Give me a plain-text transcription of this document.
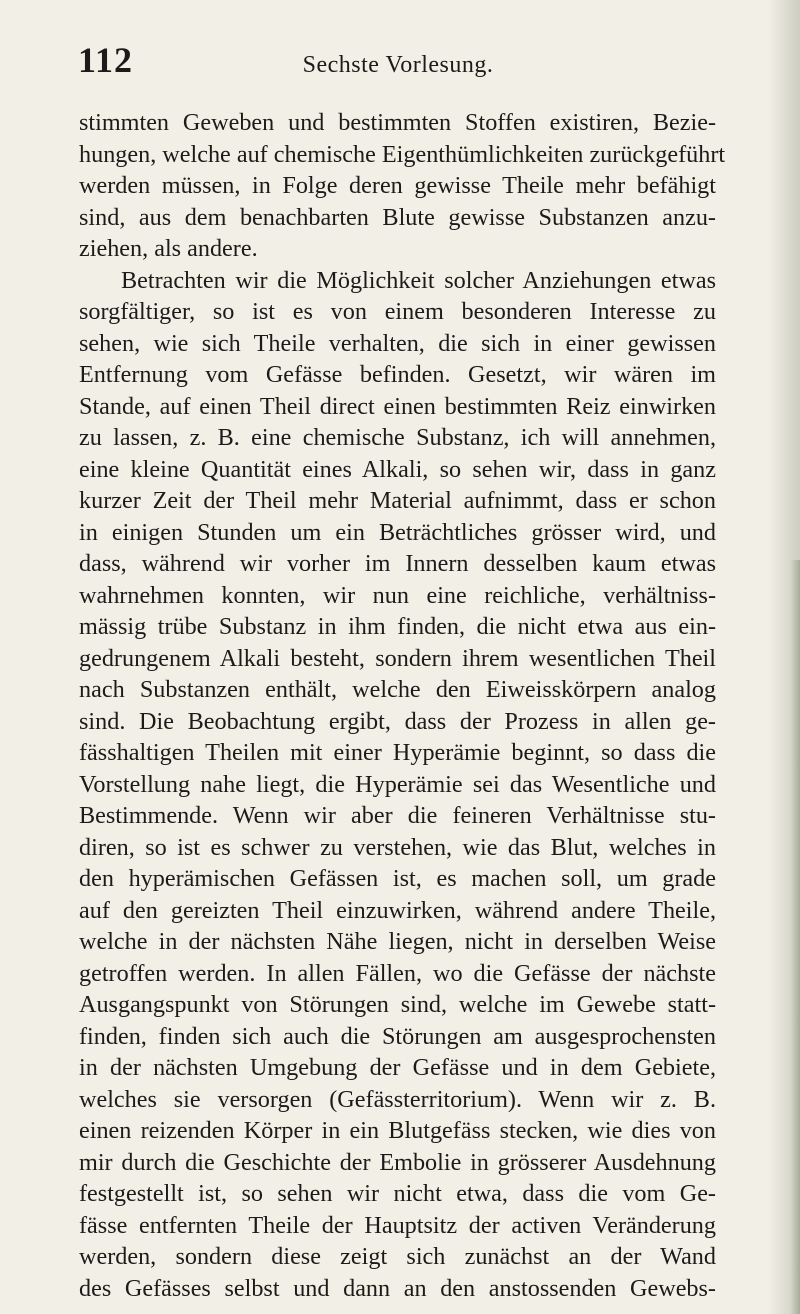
112	Sechste Vorlesung.
stimmten Geweben und bestimmten Stoffen existiren, Bezie-
hungen, welche auf chemische Eigenthümlichkeiten zurückgeführt
werden müssen, in Folge deren gewisse Theile mehr befähigt
sind, aus dem benachbarten Blute gewisse Substanzen anzu-
ziehen, als andere.
Betrachten wir die Möglichkeit solcher Anziehungen etwas
sorgfältiger, so ist es von einem besonderen Interesse zu
sehen, wie sich Theile verhalten, die sich in einer gewissen
Entfernung vom Gefässe befinden. Gesetzt, wir wären im
Stande, auf einen Theil direct einen bestimmten Reiz einwirken
zu lassen, z. B. eine chemische Substanz, ich will annehmen,
eine kleine Quantität eines Alkali, so sehen wir, dass in ganz
kurzer Zeit der Theil mehr Material aufnimmt, dass er schon
in einigen Stunden um ein Beträchtliches grösser wird, und
dass, während wir vorher im Innern desselben kaum etwas
wahrnehmen konnten, wir nun eine reichliche, verhältniss-
mässig trübe Substanz in ihm finden, die nicht etwa aus ein-
gedrungenem Alkali besteht, sondern ihrem wesentlichen Theil
nach Substanzen enthält, welche den Eiweisskörpern analog
sind. Die Beobachtung ergibt, dass der Prozess in allen ge-
fässhaltigen Theilen mit einer Hyperämie beginnt, so dass die
Vorstellung nahe liegt, die Hyperämie sei das Wesentliche und
Bestimmende. Wenn wir aber die feineren Verhältnisse stu-
diren, so ist es schwer zu verstehen, wie das Blut, welches in
den hyperämischen Gefässen ist, es machen soll, um grade
auf den gereizten Theil einzuwirken, während andere Theile,
welche in der nächsten Nähe liegen, nicht in derselben Weise
getroffen werden. In allen Fällen, wo die Gefässe der nächste
Ausgangspunkt von Störungen sind, welche im Gewebe statt-
finden, finden sich auch die Störungen am ausgesprochensten
in der nächsten Umgebung der Gefässe und in dem Gebiete,
welches sie versorgen (Gefässterritorium). Wenn wir z. B.
einen reizenden Körper in ein Blutgefäss stecken, wie dies von
mir durch die Geschichte der Embolie in grösserer Ausdehnung
festgestellt ist, so sehen wir nicht etwa, dass die vom Ge-
fässe entfernten Theile der Hauptsitz der activen Veränderung
werden, sondern diese zeigt sich zunächst an der Wand
des Gefässes selbst und dann an den anstossenden Gewebs-
